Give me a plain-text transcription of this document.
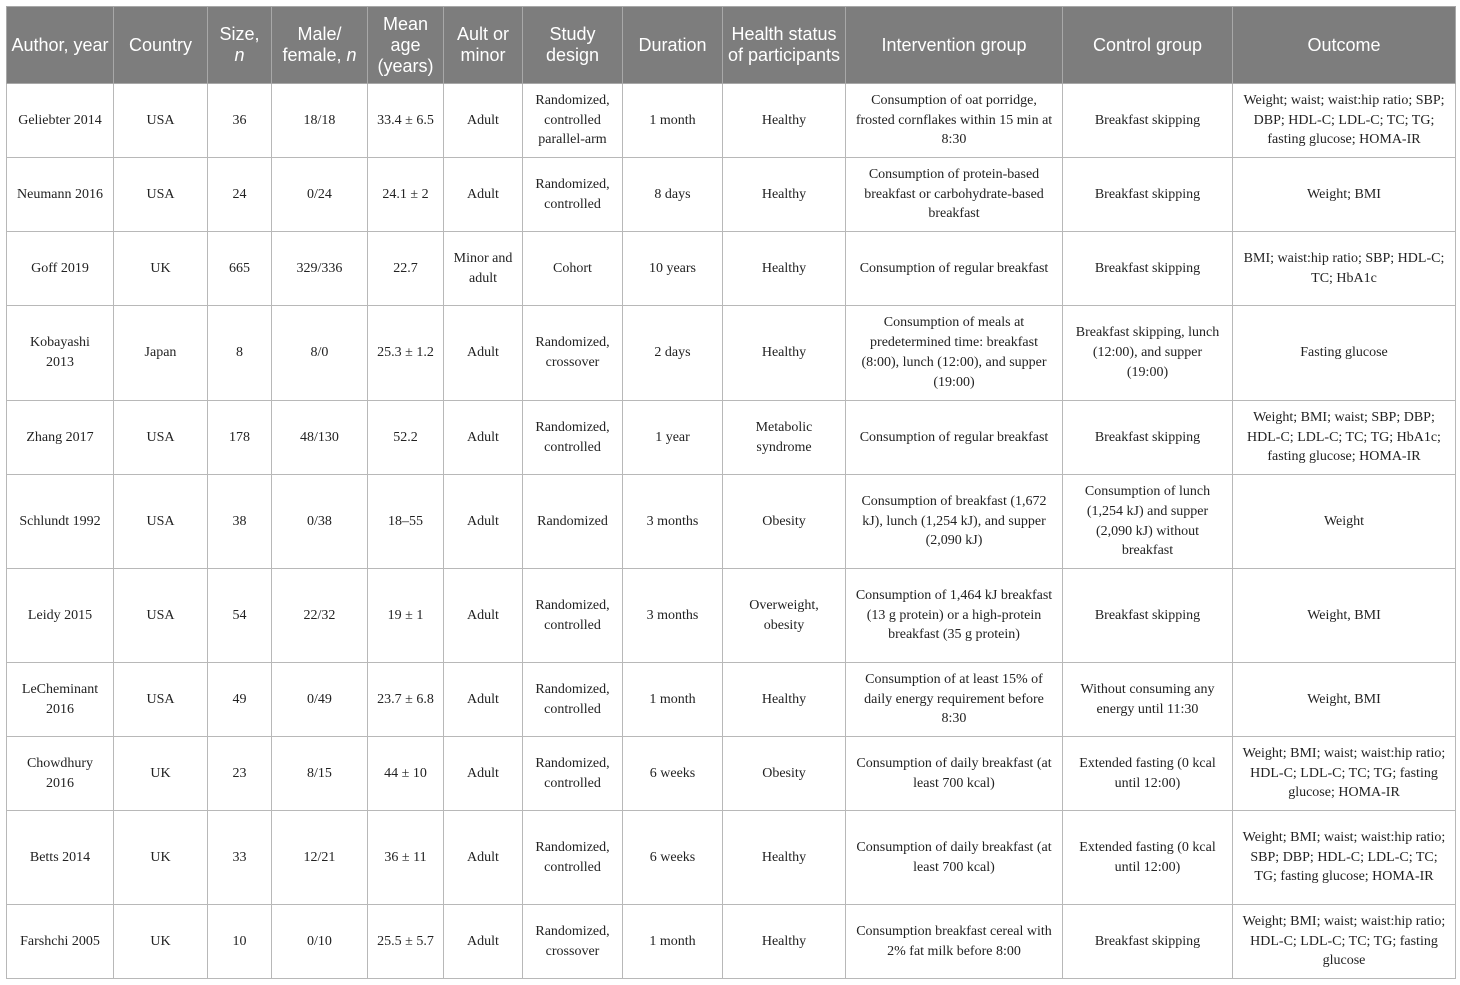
Author, year	Country	Size, n	Male/ female, n	Mean age (years)	Ault or minor	Study design	Duration	Health status of participants	Intervention group	Control group	Outcome
Geliebter 2014	USA	36	18/18	33.4 ± 6.5	Adult	Randomized, controlled parallel-arm	1 month	Healthy	Consumption of oat porridge, frosted cornflakes within 15 min at 8:30	Breakfast skipping	Weight; waist; waist:hip ratio; SBP; DBP; HDL-C; LDL-C; TC; TG; fasting glucose; HOMA-IR
Neumann 2016	USA	24	0/24	24.1 ± 2	Adult	Randomized, controlled	8 days	Healthy	Consumption of protein-based breakfast or carbohydrate-based breakfast	Breakfast skipping	Weight; BMI
Goff 2019	UK	665	329/336	22.7	Minor and adult	Cohort	10 years	Healthy	Consumption of regular breakfast	Breakfast skipping	BMI; waist:hip ratio; SBP; HDL-C; TC; HbA1c
Kobayashi 2013	Japan	8	8/0	25.3 ± 1.2	Adult	Randomized, crossover	2 days	Healthy	Consumption of meals at predetermined time: breakfast (8:00), lunch (12:00), and supper (19:00)	Breakfast skipping, lunch (12:00), and supper (19:00)	Fasting glucose
Zhang 2017	USA	178	48/130	52.2	Adult	Randomized, controlled	1 year	Metabolic syndrome	Consumption of regular breakfast	Breakfast skipping	Weight; BMI; waist; SBP; DBP; HDL-C; LDL-C; TC; TG; HbA1c; fasting glucose; HOMA-IR
Schlundt 1992	USA	38	0/38	18–55	Adult	Randomized	3 months	Obesity	Consumption of breakfast (1,672 kJ), lunch (1,254 kJ), and supper (2,090 kJ)	Consumption of lunch (1,254 kJ) and supper (2,090 kJ) without breakfast	Weight
Leidy 2015	USA	54	22/32	19 ± 1	Adult	Randomized, controlled	3 months	Overweight, obesity	Consumption of 1,464 kJ breakfast (13 g protein) or a high-protein breakfast (35 g protein)	Breakfast skipping	Weight, BMI
LeCheminant 2016	USA	49	0/49	23.7 ± 6.8	Adult	Randomized, controlled	1 month	Healthy	Consumption of at least 15% of daily energy requirement before 8:30	Without consuming any energy until 11:30	Weight, BMI
Chowdhury 2016	UK	23	8/15	44 ± 10	Adult	Randomized, controlled	6 weeks	Obesity	Consumption of daily breakfast (at least 700 kcal)	Extended fasting (0 kcal until 12:00)	Weight; BMI; waist; waist:hip ratio; HDL-C; LDL-C; TC; TG; fasting glucose; HOMA-IR
Betts 2014	UK	33	12/21	36 ± 11	Adult	Randomized, controlled	6 weeks	Healthy	Consumption of daily breakfast (at least 700 kcal)	Extended fasting (0 kcal until 12:00)	Weight; BMI; waist; waist:hip ratio; SBP; DBP; HDL-C; LDL-C; TC; TG; fasting glucose; HOMA-IR
Farshchi 2005	UK	10	0/10	25.5 ± 5.7	Adult	Randomized, crossover	1 month	Healthy	Consumption breakfast cereal with 2% fat milk before 8:00	Breakfast skipping	Weight; BMI; waist; waist:hip ratio; HDL-C; LDL-C; TC; TG; fasting glucose
